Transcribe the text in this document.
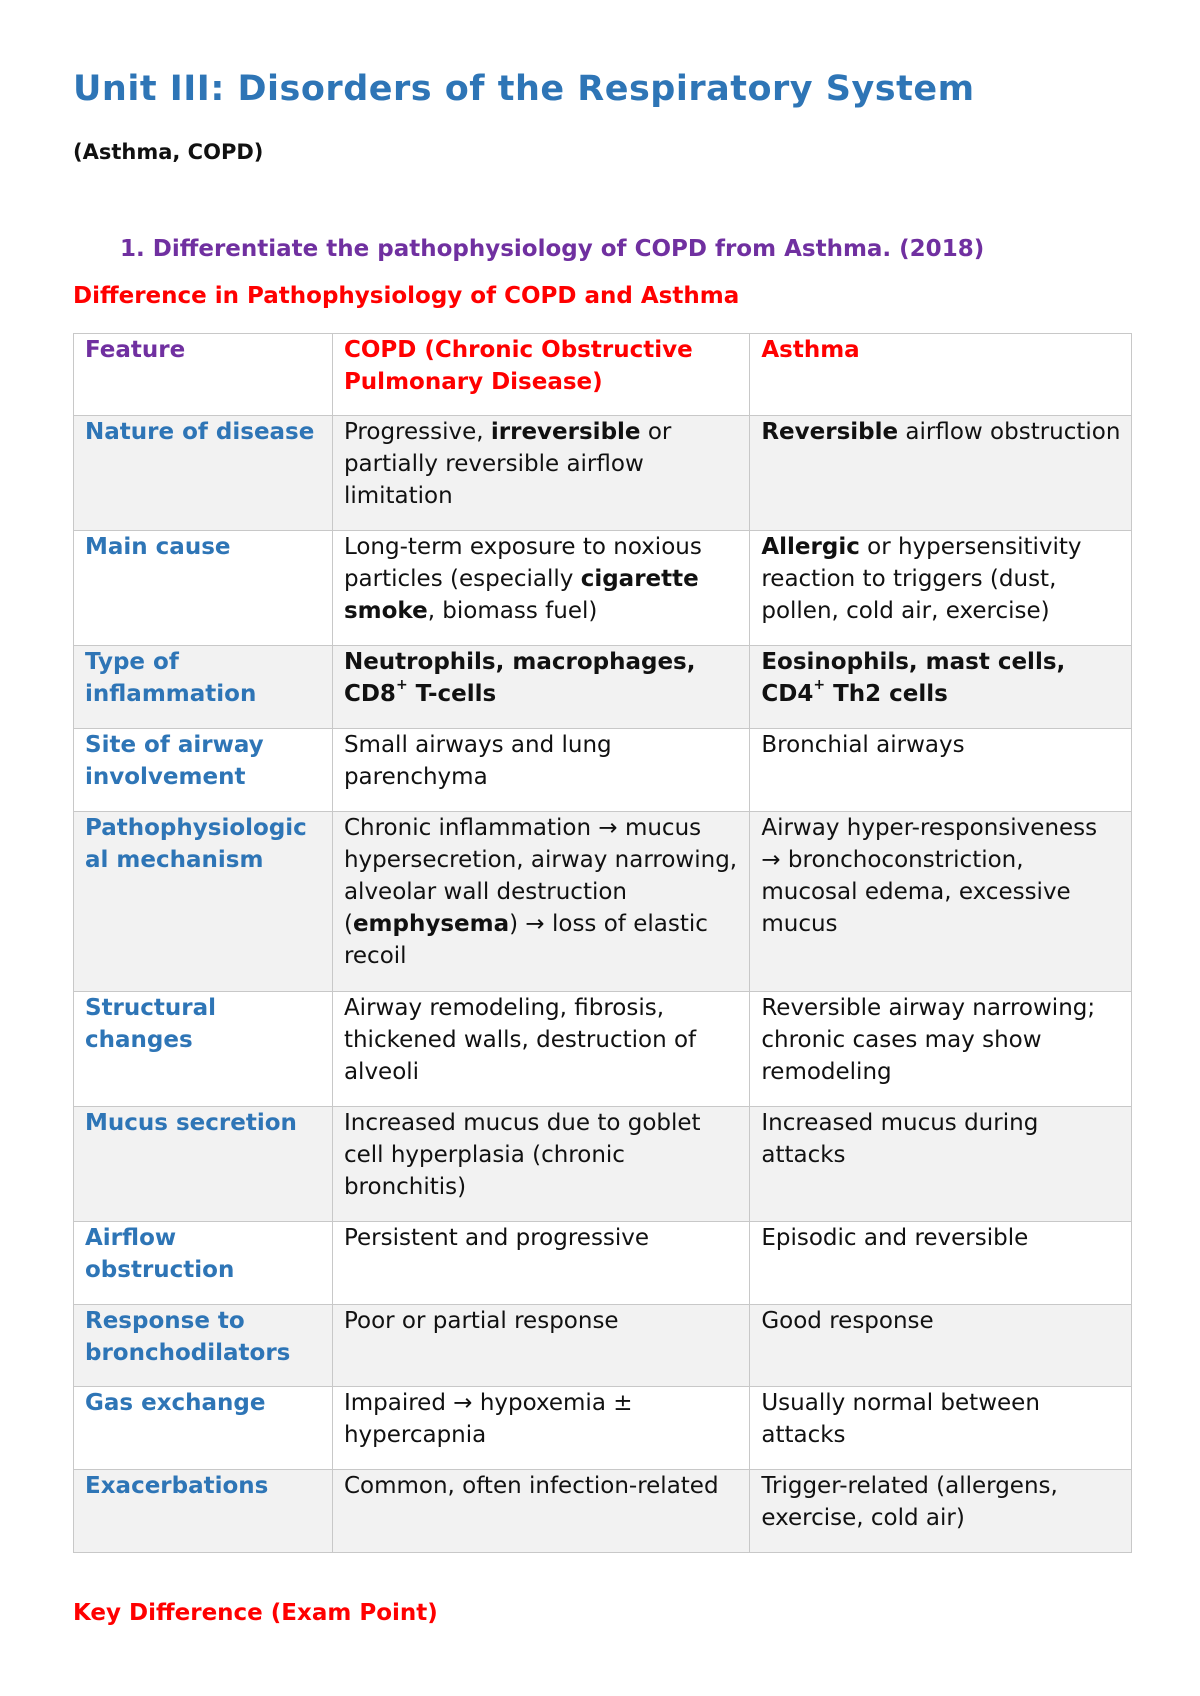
Unit III: Disorders of the Respiratory System

(Asthma, COPD)

1. Differentiate the pathophysiology of COPD from Asthma. (2018)

Difference in Pathophysiology of COPD and Asthma

Feature	COPD (Chronic Obstructive Pulmonary Disease)	Asthma
Nature of disease	Progressive, irreversible or partially reversible airflow limitation	Reversible airflow obstruction
Main cause	Long-term exposure to noxious particles (especially cigarette smoke, biomass fuel)	Allergic or hypersensitivity reaction to triggers (dust, pollen, cold air, exercise)
Type of inflammation	Neutrophils, macrophages, CD8+ T-cells	Eosinophils, mast cells, CD4+ Th2 cells
Site of airway involvement	Small airways and lung parenchyma	Bronchial airways
Pathophysiologic al mechanism	Chronic inflammation → mucus hypersecretion, airway narrowing, alveolar wall destruction (emphysema) → loss of elastic recoil	Airway hyper-responsiveness → bronchoconstriction, mucosal edema, excessive mucus
Structural changes	Airway remodeling, fibrosis, thickened walls, destruction of alveoli	Reversible airway narrowing; chronic cases may show remodeling
Mucus secretion	Increased mucus due to goblet cell hyperplasia (chronic bronchitis)	Increased mucus during attacks
Airflow obstruction	Persistent and progressive	Episodic and reversible
Response to bronchodilators	Poor or partial response	Good response
Gas exchange	Impaired → hypoxemia ± hypercapnia	Usually normal between attacks
Exacerbations	Common, often infection-related	Trigger-related (allergens, exercise, cold air)

Key Difference (Exam Point)
